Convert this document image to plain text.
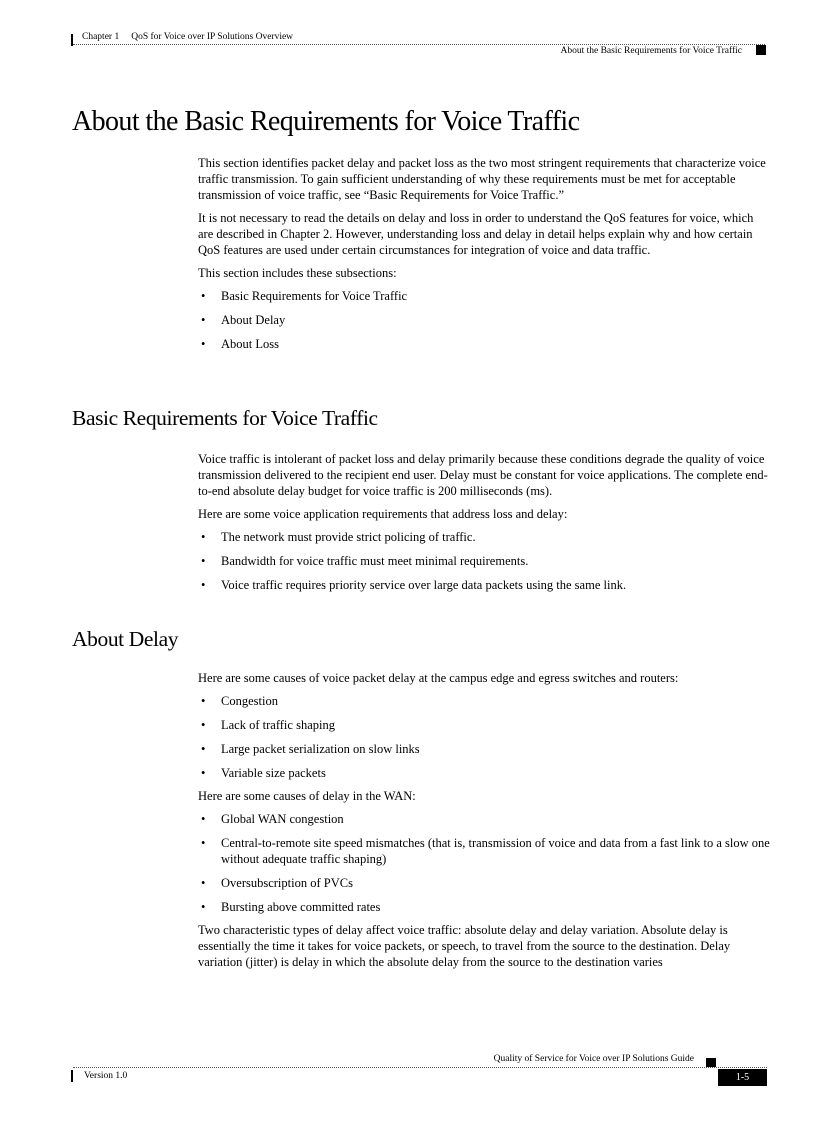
Chapter 1 QoS for Voice over IP Solutions Overview
About the Basic Requirements for Voice Traffic
About the Basic Requirements for Voice Traffic

This section identifies packet delay and packet loss as the two most stringent requirements that characterize voice traffic transmission. To gain sufficient understanding of why these requirements must be met for acceptable transmission of voice traffic, see “Basic Requirements for Voice Traffic.”

It is not necessary to read the details on delay and loss in order to understand the QoS features for voice, which are described in Chapter 2. However, understanding loss and delay in detail helps explain why and how certain QoS features are used under certain circumstances for integration of voice and data traffic.

This section includes these subsections:

• Basic Requirements for Voice Traffic
• About Delay
• About Loss
Basic Requirements for Voice Traffic

Voice traffic is intolerant of packet loss and delay primarily because these conditions degrade the quality of voice transmission delivered to the recipient end user. Delay must be constant for voice applications. The complete end-to-end absolute delay budget for voice traffic is 200 milliseconds (ms).

Here are some voice application requirements that address loss and delay:

• The network must provide strict policing of traffic.
• Bandwidth for voice traffic must meet minimal requirements.
• Voice traffic requires priority service over large data packets using the same link.
About Delay

Here are some causes of voice packet delay at the campus edge and egress switches and routers:

• Congestion
• Lack of traffic shaping
• Large packet serialization on slow links
• Variable size packets

Here are some causes of delay in the WAN:

• Global WAN congestion
• Central-to-remote site speed mismatches (that is, transmission of voice and data from a fast link to a slow one without adequate traffic shaping)
• Oversubscription of PVCs
• Bursting above committed rates

Two characteristic types of delay affect voice traffic: absolute delay and delay variation. Absolute delay is essentially the time it takes for voice packets, or speech, to travel from the source to the destination. Delay variation (jitter) is delay in which the absolute delay from the source to the destination varies

Quality of Service for Voice over IP Solutions Guide
Version 1.0	1-5
